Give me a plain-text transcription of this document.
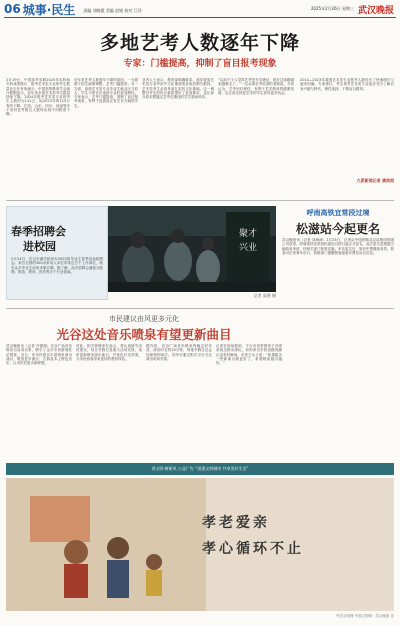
06 城事·民生 责编 刘晓霞 美编 赵媛 校对 江洋	2025年2月26日 星期三 武汉晚报
多地艺考人数逐年下降
专家：门槛提高，抑制了盲目报考现象
2月19日，中国高考求职2025年本科和专科成绩统计，报考艺术类专业的考生数量比去年有所减少。中国高等教育学会统计数据显示，近年来全国艺术类考生数量持续下降。2024年报考艺术类专业的考生人数约为112万，较2023年的115万有所下降。江西、山东、四川、河南等多个省份艺考报名人数均出现不同程度下降。
近年来艺考人数逐年下降的原因，一方面源于招生政策调整，艺考门槛提高；另一方面，高校艺术类专业毕业生就业压力较大，学生与家长在选择专业时更加理性。专家表示，艺考门槛提高，抑制了盲目报考现象，有利于选拔真正有艺术天赋的学生。
业内人士表示，教育部明确要求，逐步提高艺术类专业考试中文化课成绩录取控制分数线，艺术类考生必须具备扎实的文化基础。这一调整对考生的综合素质提出了更高要求，也让部分原本想通过艺考走捷径的学生望而却步。
“以前不少人觉得艺考是升学捷径，现在这条路越来越难走了。”一位从事艺考培训的老师说。专家认为，艺考回归理性，有利于艺术教育的健康发展，也让真正热爱艺术的学生获得更多机会。
2014—2023年我国艺术类专业报考人数经历了快速增长与逐步回落。专家建议，考生报考艺术类专业前应充分了解自身兴趣与特长，理性选择，不要盲目跟风。
九派新闻记者 龚浩雨
春季招聘会
进校园
2月24日，武汉东湖学院举办2025届毕业生春季双选招聘会。来自全国的300余家用人单位带来近万个工作岗位，吸引众多毕业生前来求职应聘。据了解，此次招聘会涵盖互联网、制造、教育、医药等多个行业领域。
聚才
兴业
记者 高勇 摄
呼南高铁宜常段过境
松滋站今起更名
武汉晚报讯（记者 刘海涛）2月25日，记者从中国铁路武汉局集团有限公司获悉，呼南高铁宜常段松滋站自即日起正式更名。此次更名是根据当地政府申请，经相关部门批准实施。车站更名后，原有车票继续有效，旅客可正常乘车出行，铁路部门提醒旅客留意车票及站名信息。
市民建议由风更多元化
光谷这处音乐喷泉有望更新曲目
武汉晚报讯（记者 许德翔）光谷广场音乐喷泉自启用以来，吸引了众多市民游客驻足观赏。近日，有市民建议丰富喷泉演出曲目，增加更多流行、古典及本土特色音乐，让市民有更多新鲜感。
对此，相关管理单位表示，将认真研究市民建议，结合节假日及重大活动安排，适时更新喷泉演出曲目，并优化灯光效果，为市民游客带来更好的观赏体验。
据介绍，光谷广场音乐喷泉每晚定时开放，演出时长约20分钟，每逢节假日还会加演特别场次。市民可通过相关平台关注演出时间安排。
记者在现场看到，不少市民带着孩子在喷泉周边散步游玩，有的拿出手机拍摄视频记录美好瞬间。市民王女士说：“如果能多一些新曲目就更好了，希望喷泉越办越好。”
讲文明·树新风 公益广告 “创建文明城市 共享美好生活”
孝老爱亲
孝心循环不止
中国文明网 中国文明网 · 武汉晚报 宣
